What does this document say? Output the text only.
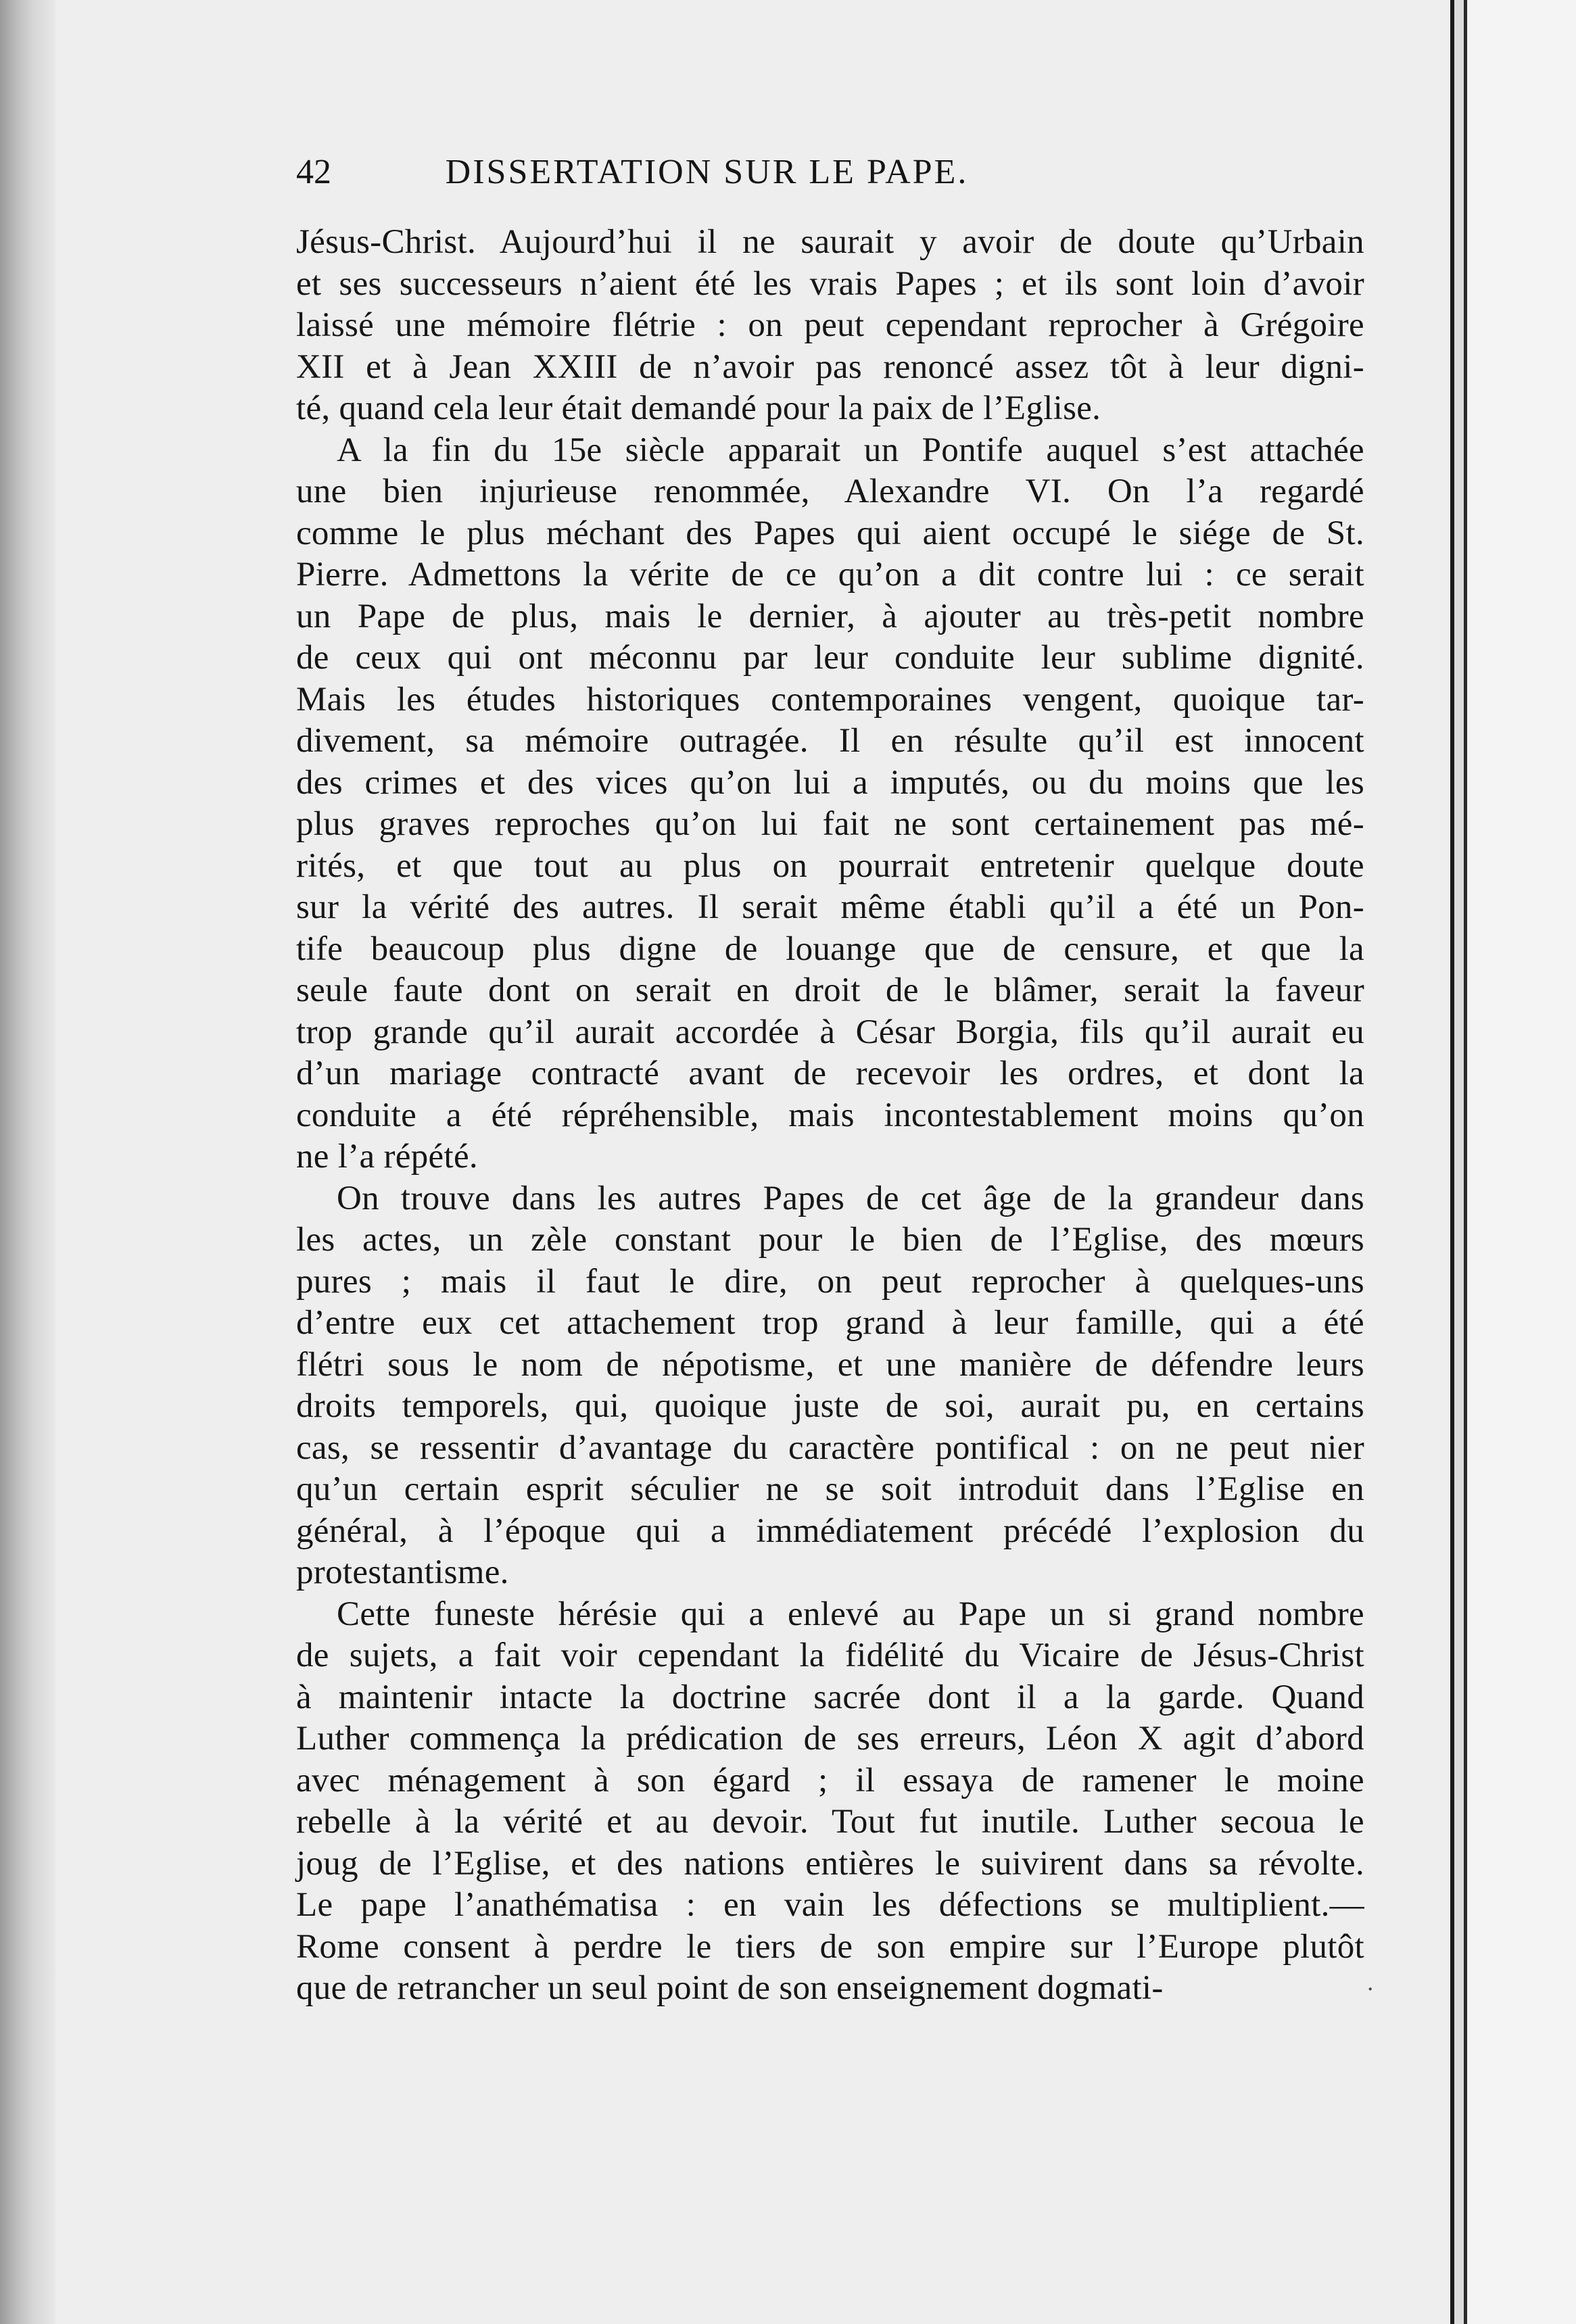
42	DISSERTATION SUR LE PAPE.
Jésus-Christ. Aujourd’hui il ne saurait y avoir de doute qu’Urbain
et ses successeurs n’aient été les vrais Papes ; et ils sont loin d’avoir
laissé une mémoire flétrie : on peut cependant reprocher à Grégoire
XII et à Jean XXIII de n’avoir pas renoncé assez tôt à leur digni-
té, quand cela leur était demandé pour la paix de l’Eglise.
A la fin du 15e siècle apparait un Pontife auquel s’est attachée
une bien injurieuse renommée, Alexandre VI. On l’a regardé
comme le plus méchant des Papes qui aient occupé le siége de St.
Pierre. Admettons la vérite de ce qu’on a dit contre lui : ce serait
un Pape de plus, mais le dernier, à ajouter au très-petit nombre
de ceux qui ont méconnu par leur conduite leur sublime dignité.
Mais les études historiques contemporaines vengent, quoique tar-
divement, sa mémoire outragée. Il en résulte qu’il est innocent
des crimes et des vices qu’on lui a imputés, ou du moins que les
plus graves reproches qu’on lui fait ne sont certainement pas mé-
rités, et que tout au plus on pourrait entretenir quelque doute
sur la vérité des autres. Il serait même établi qu’il a été un Pon-
tife beaucoup plus digne de louange que de censure, et que la
seule faute dont on serait en droit de le blâmer, serait la faveur
trop grande qu’il aurait accordée à César Borgia, fils qu’il aurait eu
d’un mariage contracté avant de recevoir les ordres, et dont la
conduite a été répréhensible, mais incontestablement moins qu’on
ne l’a répété.
On trouve dans les autres Papes de cet âge de la grandeur dans
les actes, un zèle constant pour le bien de l’Eglise, des mœurs
pures ; mais il faut le dire, on peut reprocher à quelques-uns
d’entre eux cet attachement trop grand à leur famille, qui a été
flétri sous le nom de népotisme, et une manière de défendre leurs
droits temporels, qui, quoique juste de soi, aurait pu, en certains
cas, se ressentir d’avantage du caractère pontifical : on ne peut nier
qu’un certain esprit séculier ne se soit introduit dans l’Eglise en
général, à l’époque qui a immédiatement précédé l’explosion du
protestantisme.
Cette funeste hérésie qui a enlevé au Pape un si grand nombre
de sujets, a fait voir cependant la fidélité du Vicaire de Jésus-Christ
à maintenir intacte la doctrine sacrée dont il a la garde. Quand
Luther commença la prédication de ses erreurs, Léon X agit d’abord
avec ménagement à son égard ; il essaya de ramener le moine
rebelle à la vérité et au devoir. Tout fut inutile. Luther secoua le
joug de l’Eglise, et des nations entières le suivirent dans sa révolte.
Le pape l’anathématisa : en vain les défections se multiplient.—
Rome consent à perdre le tiers de son empire sur l’Europe plutôt
que de retrancher un seul point de son enseignement dogmati-	˙
